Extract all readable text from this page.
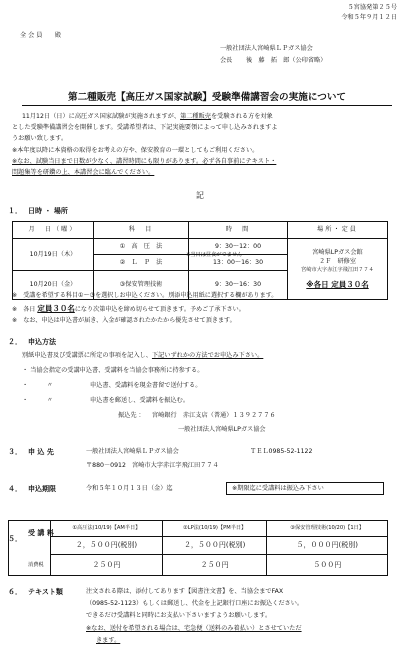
５宮協発第２５号
令和５年９月１２日
全 会 員　　殿
一般社団法人宮崎県ＬＰガス協会
会長 後　藤　拓　郎（公印省略）
第二種販売【高圧ガス国家試験】受験準備講習会の実施について
11月12日（日）に高圧ガス国家試験が実施されますが、第二種販売を受験される方を対象
とした受験準備講習会を開催します。受講希望者は、下記実施要領によって申し込みされますよ
うお願い致します。
※本年度以降に本資格の取得をお考えの方や、保安教育の一環としてもご利用ください。
※なお、試験当日まで日数が少なく、講習時間にも限りがあります。必ず各自事前にテキスト・
問題集等を研鑽の上、本講習会に臨んでください。
記
１． 日時 ・ 場所
月　日（曜）	科　目	時　間	場所・定員
10月19日（木）	①　 高　圧　法	9：30～12：00	宮崎県LPガス会館
２Ｆ　研修室
宮崎市大字赤江字飛江田７７４
※各日 定員３０名

	②　 Ｌ　Ｐ　法	13：00～16：30	
10月20日（金）	③保安管理技術	9：30～16：30	
※当日は昼食がでません
※　受講を希望する科目①～③を選択しお申込ください。別添申込用紙に選択する欄があります。
※　各日 定員３０名になり次第申込を締め切らせて頂きます。予めご了承下さい。
※　なお、申込は申込書が届き、入金が確認されたかたから優先させて頂きます。
２． 申込方法
別紙申込書及び受講票に所定の事項を記入し、下記いずれかの方法でお申込み下さい。
・ 当協会指定の受講申込書、受講料を当協会事務所に持参する。
・　　　〃　　　　　　申込書、受講料を現金書留で送付する。
・　　　〃　　　　　　申込書を郵送し、受講料を振込む。
振込先 ： 宮崎銀行　赤江支店（普通）１３９２７７６
一般社団法人宮崎県LPガス協会
３． 申 込 先	一般社団法人宮崎県ＬＰガス協会	ＴＥＬ0985-52-1122
〒880－0912　宮崎市大字赤江字飛江田７７４
４． 申込期限	令和５年１０月１３日（金）迄	※期限迄に受講料は振込み下さい
５．
受 講 料
消費税
①高圧法(10/19)【AM半日】	②LP法(10/19)【PM半日】	③保安管理技術(10/20)【1日】
２，５００円(税別)	２，５００円(税別)	５，０００円(税別)
２５０円	２５０円	５００円
６． テキスト類	注文される際は、添付してあります【図書注文書】を、当協会までFAX
（0985-52-1123）もしくは郵送し、代金を上記銀行口座にお振込ください。
できるだけ受講料と同時にお支払い下さいますようお願いします。
※なお、送付を希望される場合は、宅急便（送料のみ着払い）とさせていただ
きます。
